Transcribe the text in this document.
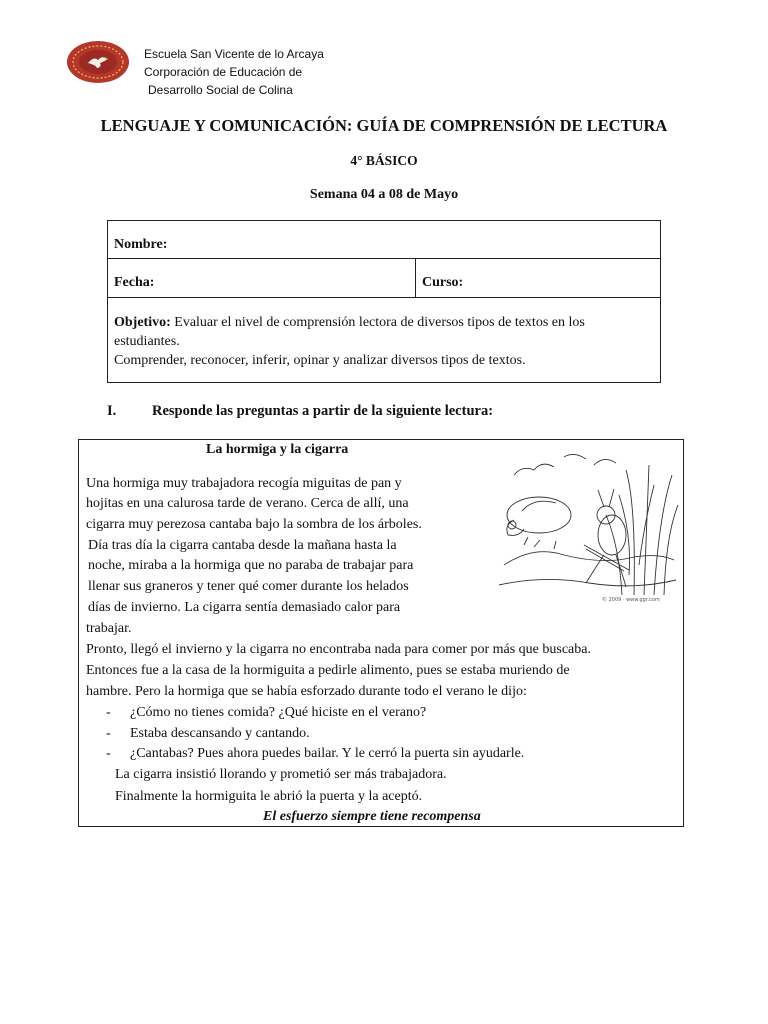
Escuela San Vicente de lo Arcaya
Corporación de Educación de
Desarrollo Social de Colina
LENGUAJE Y COMUNICACIÓN: GUÍA DE COMPRENSIÓN DE LECTURA
4° BÁSICO
Semana 04 a 08 de Mayo
Nombre:
Fecha:	Curso:
Objetivo: Evaluar el nivel de comprensión lectora de diversos tipos de textos en los
estudiantes.
Comprender, reconocer, inferir, opinar y analizar diversos tipos de textos.
I. Responde las preguntas a partir de la siguiente lectura:
La hormiga y la cigarra
© 2009 · www.ggr.com
Una hormiga muy trabajadora recogía miguitas de pan y
hojitas en una calurosa tarde de verano. Cerca de allí, una
cigarra muy perezosa cantaba bajo la sombra de los árboles.
Día tras día la cigarra cantaba desde la mañana hasta la
noche, miraba a la hormiga que no paraba de trabajar para
llenar sus graneros y tener qué comer durante los helados
días de invierno. La cigarra sentía demasiado calor para
trabajar.
Pronto, llegó el invierno y la cigarra no encontraba nada para comer por más que buscaba.
Entonces fue a la casa de la hormiguita a pedirle alimento, pues se estaba muriendo de
hambre. Pero la hormiga que se había esforzado durante todo el verano le dijo:
- ¿Cómo no tienes comida? ¿Qué hiciste en el verano?
- Estaba descansando y cantando.
- ¿Cantabas? Pues ahora puedes bailar. Y le cerró la puerta sin ayudarle.
La cigarra insistió llorando y prometió ser más trabajadora.
Finalmente la hormiguita le abrió la puerta y la aceptó.
El esfuerzo siempre tiene recompensa
